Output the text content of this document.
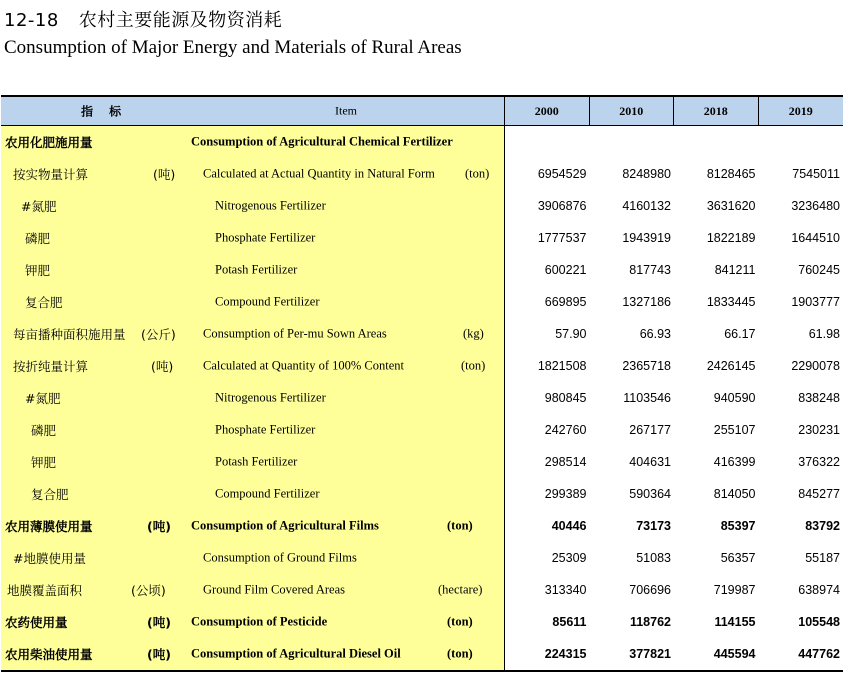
12-18 农村主要能源及物资消耗
Consumption of Major Energy and Materials of Rural Areas
指 标	Item	2000	2010	2018	2019
农用化肥施用量	Consumption of Agricultural Chemical Fertilizer
按实物量计算	(吨) Calculated at Actual Quantity in Natural Form (ton)	6954529	8248980	8128465	7545011
#氮肥	Nitrogenous Fertilizer	3906876	4160132	3631620	3236480
磷肥	Phosphate Fertilizer	1777537	1943919	1822189	1644510
钾肥	Potash Fertilizer	600221	817743	841211	760245
复合肥	Compound Fertilizer	669895	1327186	1833445	1903777
每亩播种面积施用量 (公斤) Consumption of Per-mu Sown Areas	(kg)	57.90	66.93	66.17	61.98
按折纯量计算	(吨) Calculated at Quantity of 100% Content	(ton)	1821508	2365718	2426145	2290078
#氮肥	Nitrogenous Fertilizer	980845	1103546	940590	838248
磷肥	Phosphate Fertilizer	242760	267177	255107	230231
钾肥	Potash Fertilizer	298514	404631	416399	376322
复合肥	Compound Fertilizer	299389	590364	814050	845277
农用薄膜使用量	(吨) Consumption of Agricultural Films	(ton)	40446	73173	85397	83792
#地膜使用量	Consumption of Ground Films	25309	51083	56357	55187
地膜覆盖面积	(公顷)	Ground Film Covered Areas	(hectare)	313340	706696	719987	638974
农药使用量	(吨) Consumption of Pesticide	(ton)	85611	118762	114155	105548
农用柴油使用量	(吨) Consumption of Agricultural Diesel Oil	(ton)	224315	377821	445594	447762
